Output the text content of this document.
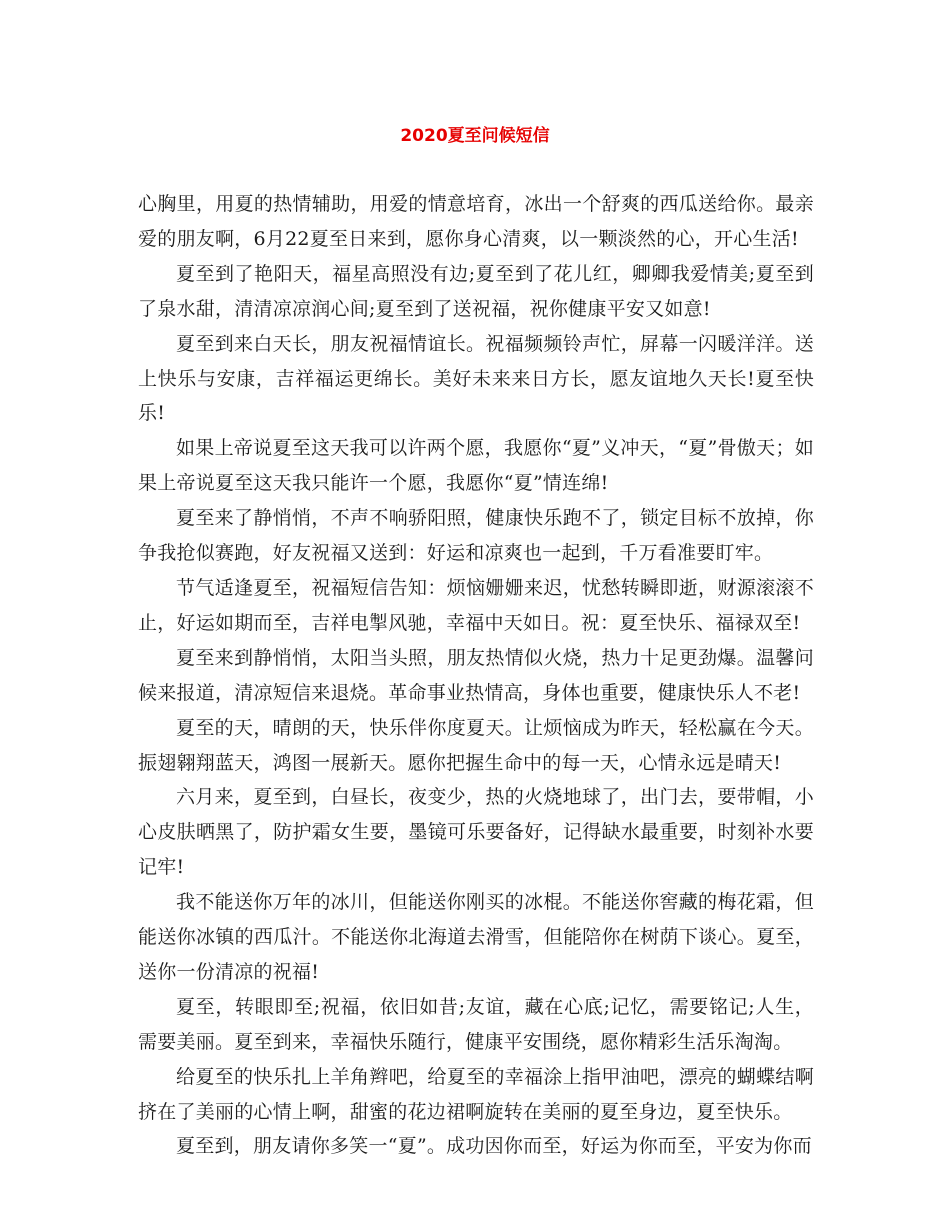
2020夏至问候短信

心胸里，用夏的热情辅助，用爱的情意培育，冰出一个舒爽的西瓜送给你。最亲爱的朋友啊，6月22夏至日来到，愿你身心清爽，以一颗淡然的心，开心生活!

夏至到了艳阳天，福星高照没有边;夏至到了花儿红，卿卿我爱情美;夏至到了泉水甜，清清凉凉润心间;夏至到了送祝福，祝你健康平安又如意!

夏至到来白天长，朋友祝福情谊长。祝福频频铃声忙，屏幕一闪暖洋洋。送上快乐与安康，吉祥福运更绵长。美好未来来日方长，愿友谊地久天长!夏至快乐!

如果上帝说夏至这天我可以许两个愿，我愿你“夏”义冲天，“夏”骨傲天；如果上帝说夏至这天我只能许一个愿，我愿你“夏”情连绵!

夏至来了静悄悄，不声不响骄阳照，健康快乐跑不了，锁定目标不放掉，你争我抢似赛跑，好友祝福又送到：好运和凉爽也一起到，千万看准要盯牢。

节气适逢夏至，祝福短信告知：烦恼姗姗来迟，忧愁转瞬即逝，财源滚滚不止，好运如期而至，吉祥电掣风驰，幸福中天如日。祝：夏至快乐、福禄双至!

夏至来到静悄悄，太阳当头照，朋友热情似火烧，热力十足更劲爆。温馨问候来报道，清凉短信来退烧。革命事业热情高，身体也重要，健康快乐人不老!

夏至的天，晴朗的天，快乐伴你度夏天。让烦恼成为昨天，轻松赢在今天。振翅翱翔蓝天，鸿图一展新天。愿你把握生命中的每一天，心情永远是晴天!

六月来，夏至到，白昼长，夜变少，热的火烧地球了，出门去，要带帽，小心皮肤晒黑了，防护霜女生要，墨镜可乐要备好，记得缺水最重要，时刻补水要记牢!

我不能送你万年的冰川，但能送你刚买的冰棍。不能送你窖藏的梅花霜，但能送你冰镇的西瓜汁。不能送你北海道去滑雪，但能陪你在树荫下谈心。夏至，送你一份清凉的祝福!

夏至，转眼即至;祝福，依旧如昔;友谊，藏在心底;记忆，需要铭记;人生，需要美丽。夏至到来，幸福快乐随行，健康平安围绕，愿你精彩生活乐淘淘。

给夏至的快乐扎上羊角辫吧，给夏至的幸福涂上指甲油吧，漂亮的蝴蝶结啊挤在了美丽的心情上啊，甜蜜的花边裙啊旋转在美丽的夏至身边，夏至快乐。

夏至到，朋友请你多笑一“夏”。成功因你而至，好运为你而至，平安为你而
